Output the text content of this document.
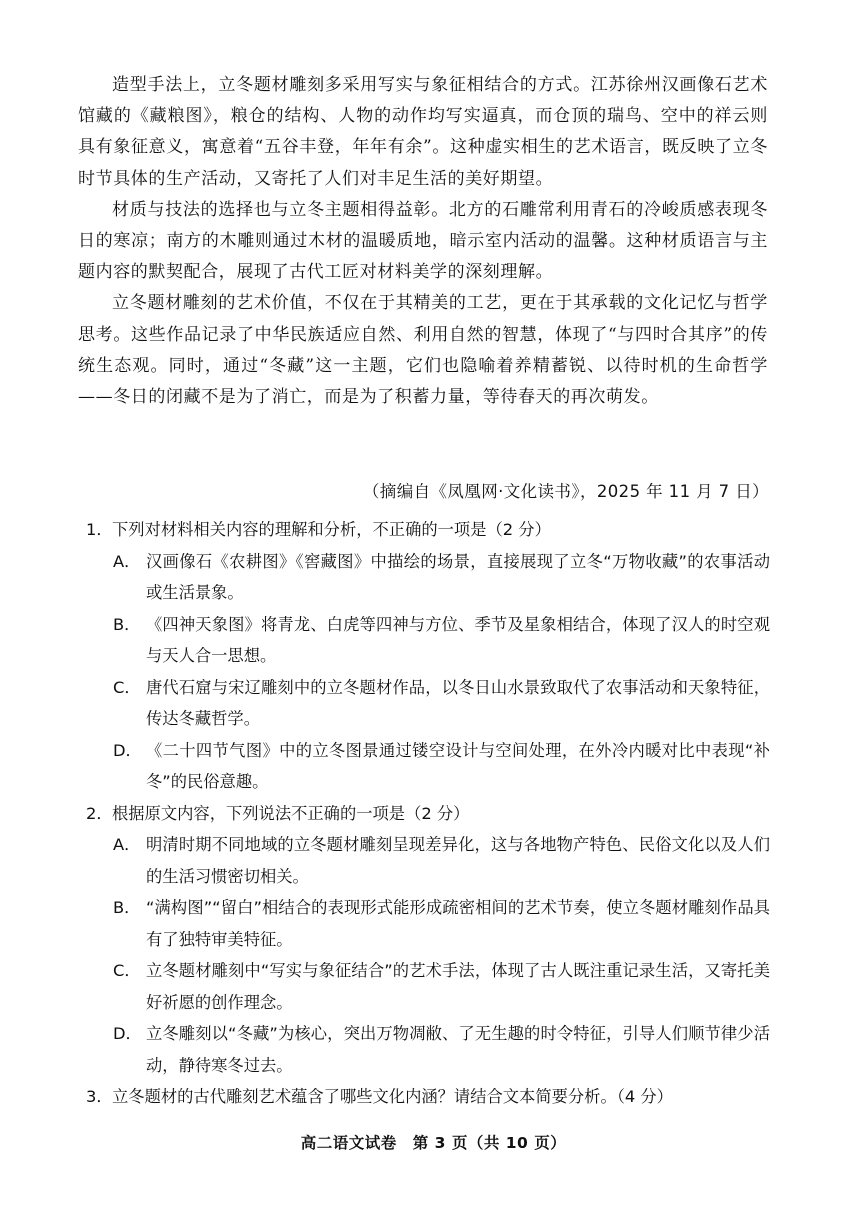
造型手法上，立冬题材雕刻多采用写实与象征相结合的方式。江苏徐州汉画像石艺术馆藏的《藏粮图》，粮仓的结构、人物的动作均写实逼真，而仓顶的瑞鸟、空中的祥云则具有象征意义，寓意着“五谷丰登，年年有余”。这种虚实相生的艺术语言，既反映了立冬时节具体的生产活动，又寄托了人们对丰足生活的美好期望。

材质与技法的选择也与立冬主题相得益彰。北方的石雕常利用青石的冷峻质感表现冬日的寒凉；南方的木雕则通过木材的温暖质地，暗示室内活动的温馨。这种材质语言与主题内容的默契配合，展现了古代工匠对材料美学的深刻理解。

立冬题材雕刻的艺术价值，不仅在于其精美的工艺，更在于其承载的文化记忆与哲学思考。这些作品记录了中华民族适应自然、利用自然的智慧，体现了“与四时合其序”的传统生态观。同时，通过“冬藏”这一主题，它们也隐喻着养精蓄锐、以待时机的生命哲学——冬日的闭藏不是为了消亡，而是为了积蓄力量，等待春天的再次萌发。

（摘编自《凤凰网·文化读书》，2025 年 11 月 7 日）
1． 下列对材料相关内容的理解和分析，不正确的一项是（2 分）
A． 汉画像石《农耕图》《窖藏图》中描绘的场景，直接展现了立冬“万物收藏”的农事活动或生活景象。
B． 《四神天象图》将青龙、白虎等四神与方位、季节及星象相结合，体现了汉人的时空观与天人合一思想。
C． 唐代石窟与宋辽雕刻中的立冬题材作品，以冬日山水景致取代了农事活动和天象特征，传达冬藏哲学。
D． 《二十四节气图》中的立冬图景通过镂空设计与空间处理，在外冷内暖对比中表现“补冬”的民俗意趣。
2． 根据原文内容，下列说法不正确的一项是（2 分）
A． 明清时期不同地域的立冬题材雕刻呈现差异化，这与各地物产特色、民俗文化以及人们的生活习惯密切相关。
B． “满构图”“留白”相结合的表现形式能形成疏密相间的艺术节奏，使立冬题材雕刻作品具有了独特审美特征。
C． 立冬题材雕刻中“写实与象征结合”的艺术手法，体现了古人既注重记录生活，又寄托美好祈愿的创作理念。
D． 立冬雕刻以“冬藏”为核心，突出万物凋敝、了无生趣的时令特征，引导人们顺节律少活动，静待寒冬过去。
3． 立冬题材的古代雕刻艺术蕴含了哪些文化内涵？请结合文本简要分析。（4 分）
高二语文试卷　第 3 页（共 10 页）
